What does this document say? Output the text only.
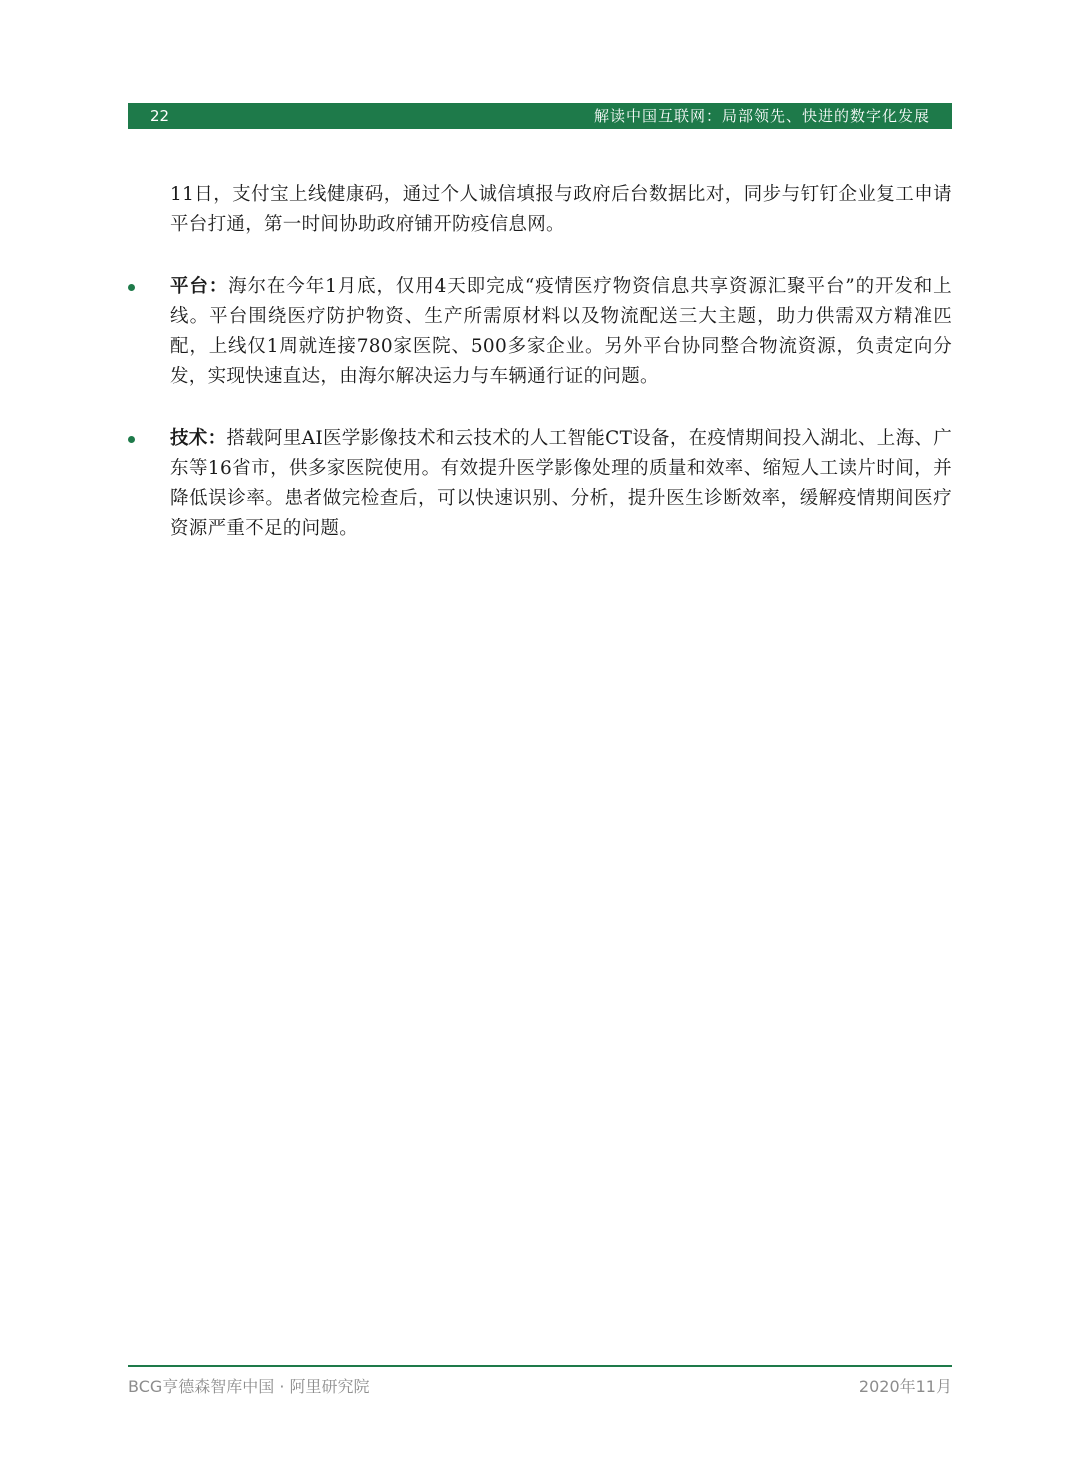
22	解读中国互联网：局部领先、快进的数字化发展

11日，支付宝上线健康码，通过个人诚信填报与政府后台数据比对，同步与钉钉企业复工申请平台打通，第一时间协助政府铺开防疫信息网。

平台：海尔在今年1月底，仅用4天即完成“疫情医疗物资信息共享资源汇聚平台”的开发和上线。平台围绕医疗防护物资、生产所需原材料以及物流配送三大主题，助力供需双方精准匹配，上线仅1周就连接780家医院、500多家企业。另外平台协同整合物流资源，负责定向分发，实现快速直达，由海尔解决运力与车辆通行证的问题。
技术：搭载阿里AI医学影像技术和云技术的人工智能CT设备，在疫情期间投入湖北、上海、广东等16省市，供多家医院使用。有效提升医学影像处理的质量和效率、缩短人工读片时间，并降低误诊率。患者做完检查后，可以快速识别、分析，提升医生诊断效率，缓解疫情期间医疗资源严重不足的问题。
BCG亨德森智库中国 · 阿里研究院	2020年11月
